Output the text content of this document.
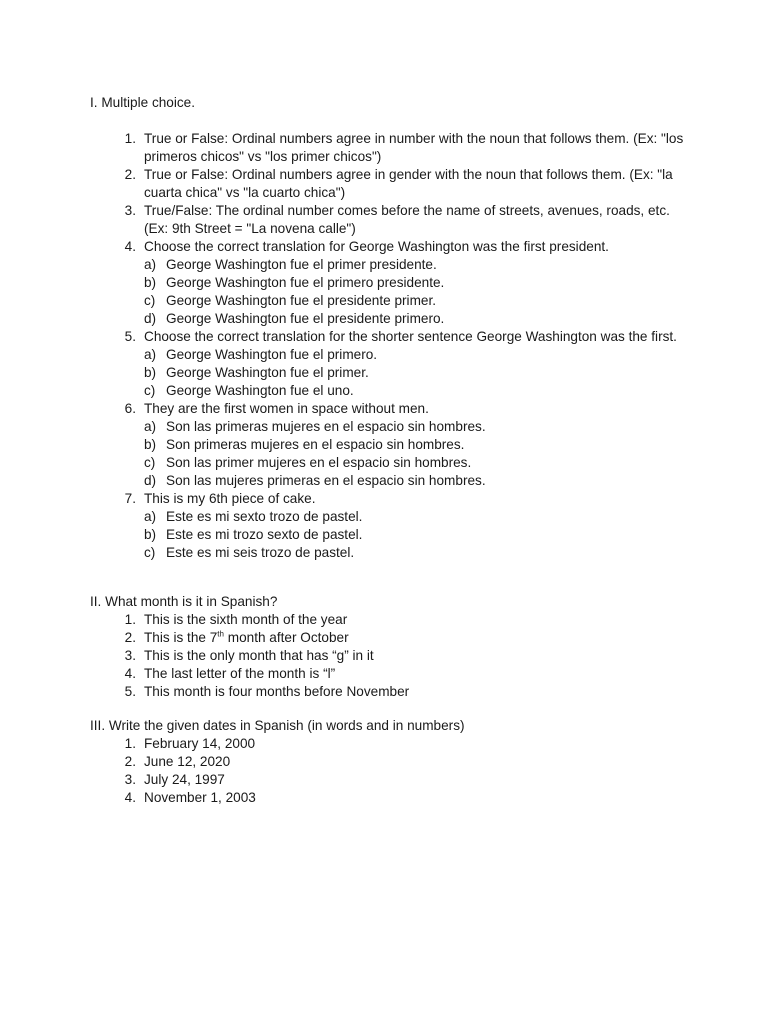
I. Multiple choice.
1. True or False: Ordinal numbers agree in number with the noun that follows them. (Ex: "los primeros chicos" vs "los primer chicos")
2. True or False: Ordinal numbers agree in gender with the noun that follows them. (Ex: "la cuarta chica" vs "la cuarto chica")
3. True/False: The ordinal number comes before the name of streets, avenues, roads, etc. (Ex: 9th Street = "La novena calle")
4. Choose the correct translation for George Washington was the first president.
a) George Washington fue el primer presidente.
b) George Washington fue el primero presidente.
c) George Washington fue el presidente primer.
d) George Washington fue el presidente primero.
5. Choose the correct translation for the shorter sentence George Washington was the first.
a) George Washington fue el primero.
b) George Washington fue el primer.
c) George Washington fue el uno.
6. They are the first women in space without men.
a) Son las primeras mujeres en el espacio sin hombres.
b) Son primeras mujeres en el espacio sin hombres.
c) Son las primer mujeres en el espacio sin hombres.
d) Son las mujeres primeras en el espacio sin hombres.
7. This is my 6th piece of cake.
a) Este es mi sexto trozo de pastel.
b) Este es mi trozo sexto de pastel.
c) Este es mi seis trozo de pastel.
II. What month is it in Spanish?
1. This is the sixth month of the year
2. This is the 7th month after October
3. This is the only month that has “g” in it
4. The last letter of the month is “l”
5. This month is four months before November
III. Write the given dates in Spanish (in words and in numbers)
1. February 14, 2000
2. June 12, 2020
3. July 24, 1997
4. November 1, 2003
